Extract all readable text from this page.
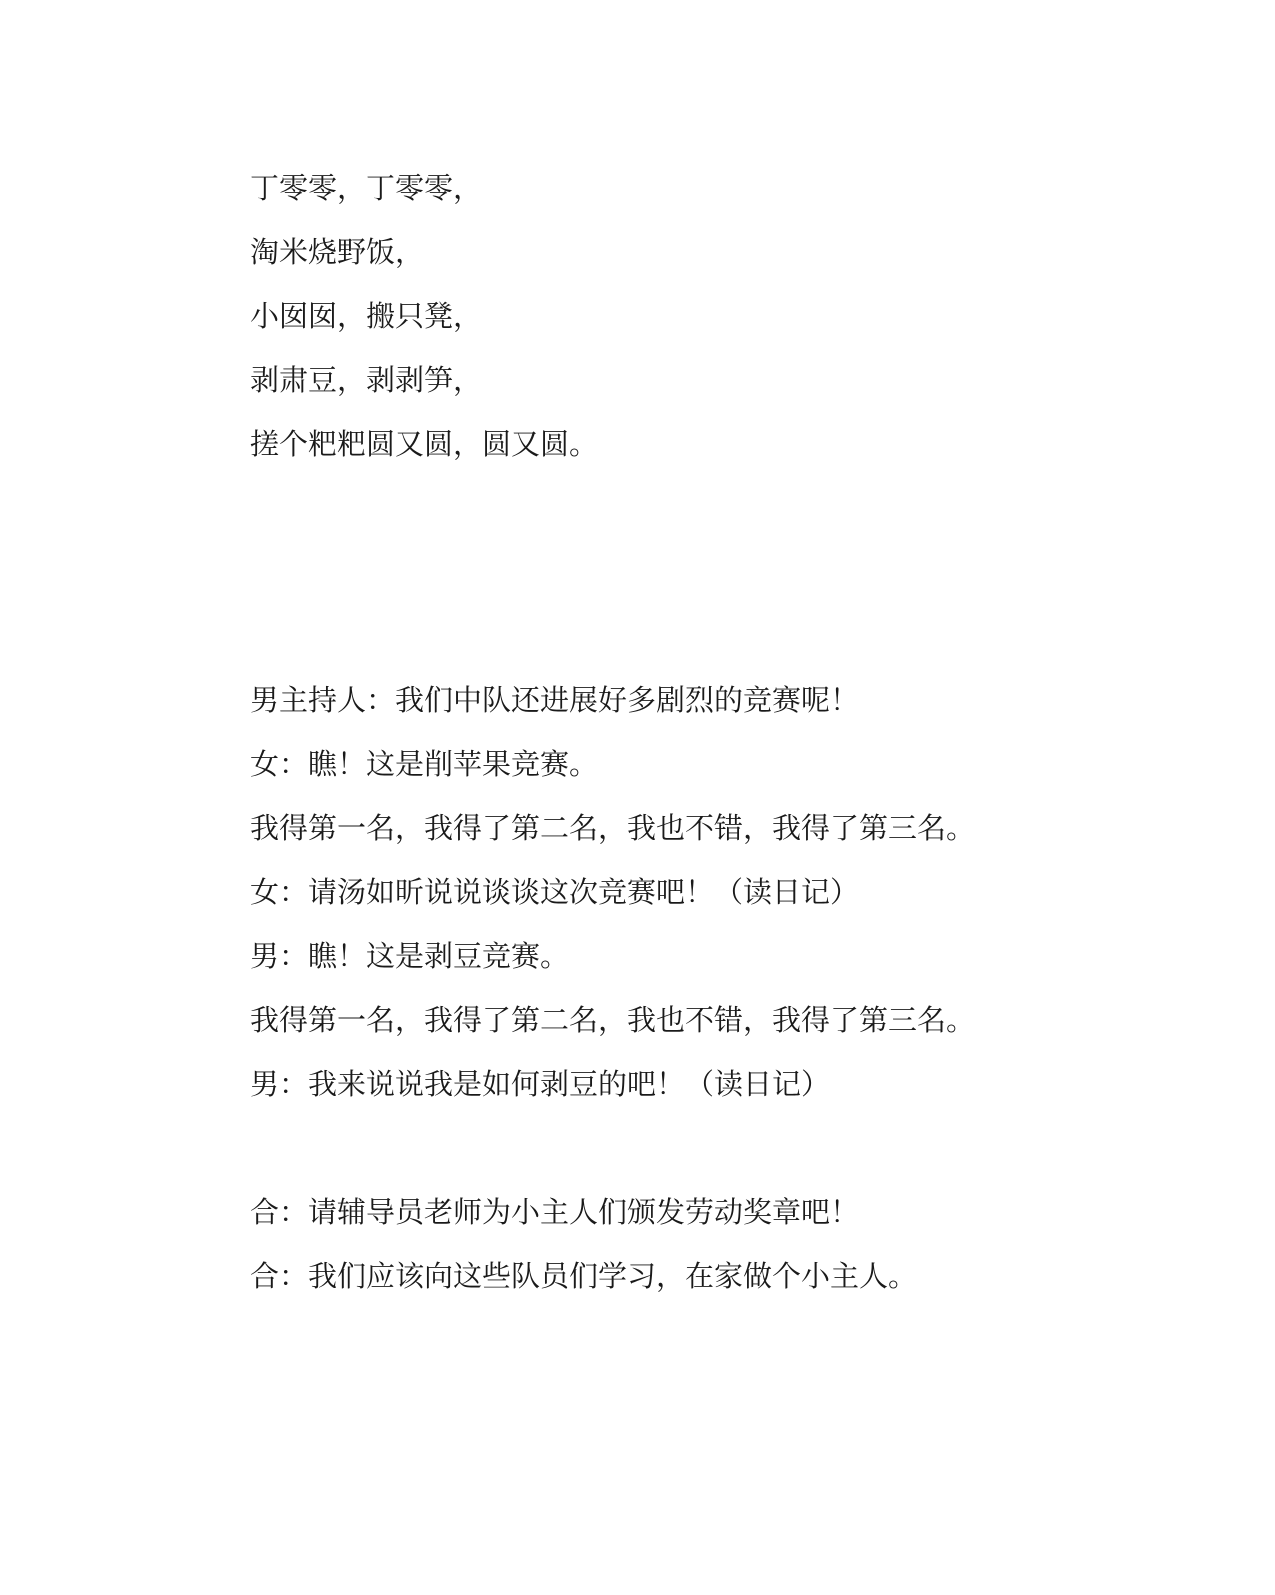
丁零零，丁零零，
淘米烧野饭，
小囡囡，搬只凳，
剥肃豆，剥剥笋，
搓个粑粑圆又圆，圆又圆。
男主持人：我们中队还进展好多剧烈的竞赛呢！
女：瞧！这是削苹果竞赛。
我得第一名，我得了第二名，我也不错，我得了第三名。
女：请汤如昕说说谈谈这次竞赛吧！（读日记）
男：瞧！这是剥豆竞赛。
我得第一名，我得了第二名，我也不错，我得了第三名。
男：我来说说我是如何剥豆的吧！（读日记）
合：请辅导员老师为小主人们颁发劳动奖章吧！
合：我们应该向这些队员们学习，在家做个小主人。
